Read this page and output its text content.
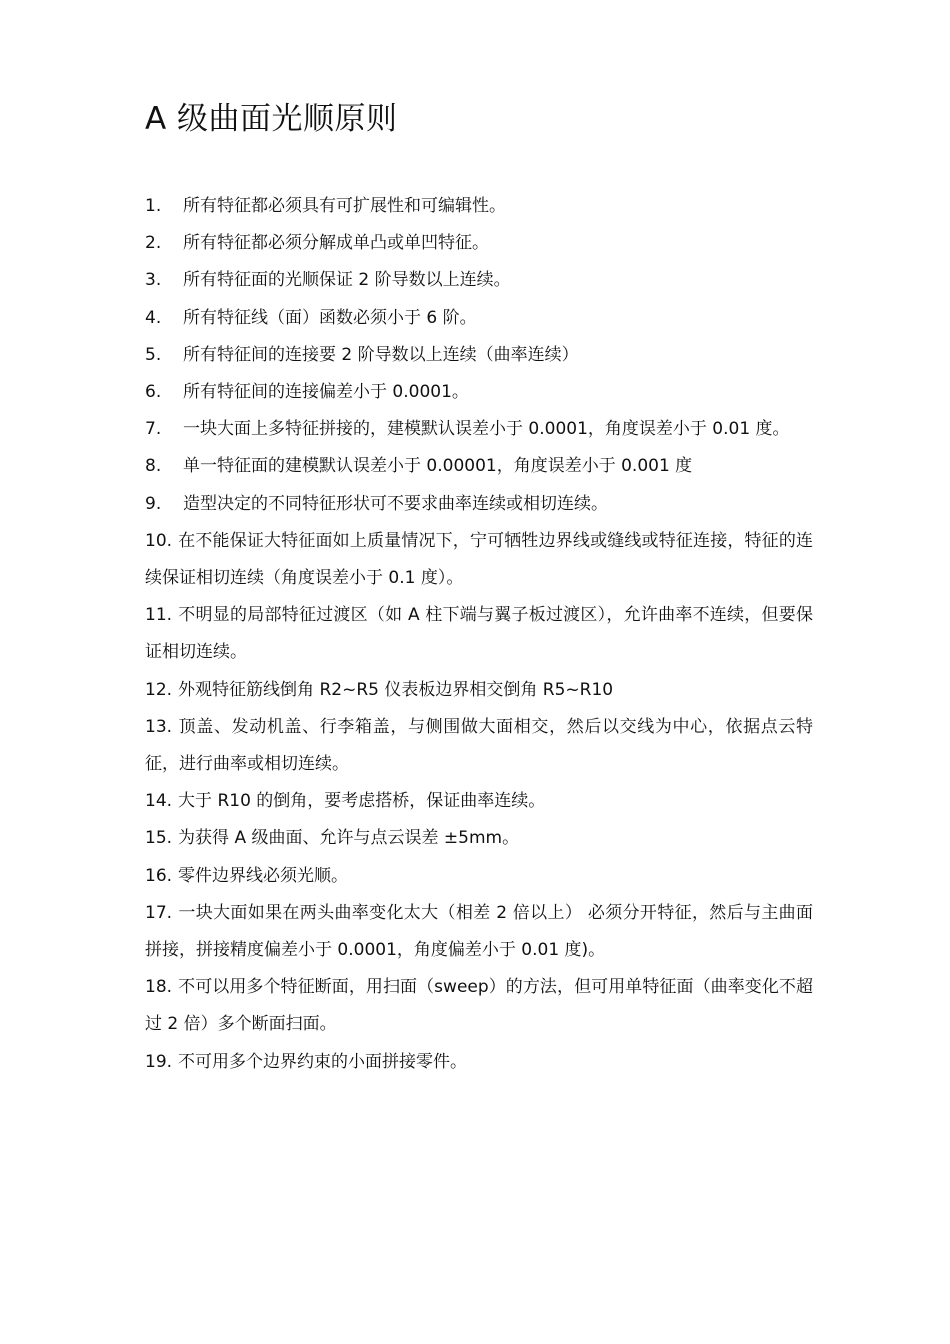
A 级曲面光顺原则
1. 所有特征都必须具有可扩展性和可编辑性。
2. 所有特征都必须分解成单凸或单凹特征。
3. 所有特征面的光顺保证 2 阶导数以上连续。
4. 所有特征线（面）函数必须小于 6 阶。
5. 所有特征间的连接要 2 阶导数以上连续（曲率连续）
6. 所有特征间的连接偏差小于 0.0001。
7. 一块大面上多特征拼接的，建模默认误差小于 0.0001，角度误差小于 0.01 度。
8. 单一特征面的建模默认误差小于 0.00001，角度误差小于 0.001 度
9. 造型决定的不同特征形状可不要求曲率连续或相切连续。
10. 在不能保证大特征面如上质量情况下，宁可牺牲边界线或缝线或特征连接，特征的连续保证相切连续（角度误差小于 0.1 度）。
11. 不明显的局部特征过渡区（如 A 柱下端与翼子板过渡区），允许曲率不连续，但要保证相切连续。
12. 外观特征筋线倒角 R2~R5 仪表板边界相交倒角 R5~R10
13. 顶盖、发动机盖、行李箱盖，与侧围做大面相交，然后以交线为中心，依据点云特征，进行曲率或相切连续。
14. 大于 R10 的倒角，要考虑搭桥，保证曲率连续。
15. 为获得 A 级曲面、允许与点云误差 ±5mm。
16. 零件边界线必须光顺。
17. 一块大面如果在两头曲率变化太大（相差 2 倍以上） 必须分开特征，然后与主曲面拼接，拼接精度偏差小于 0.0001，角度偏差小于 0.01 度)。
18. 不可以用多个特征断面，用扫面（sweep）的方法，但可用单特征面（曲率变化不超过 2 倍）多个断面扫面。
19. 不可用多个边界约束的小面拼接零件。
